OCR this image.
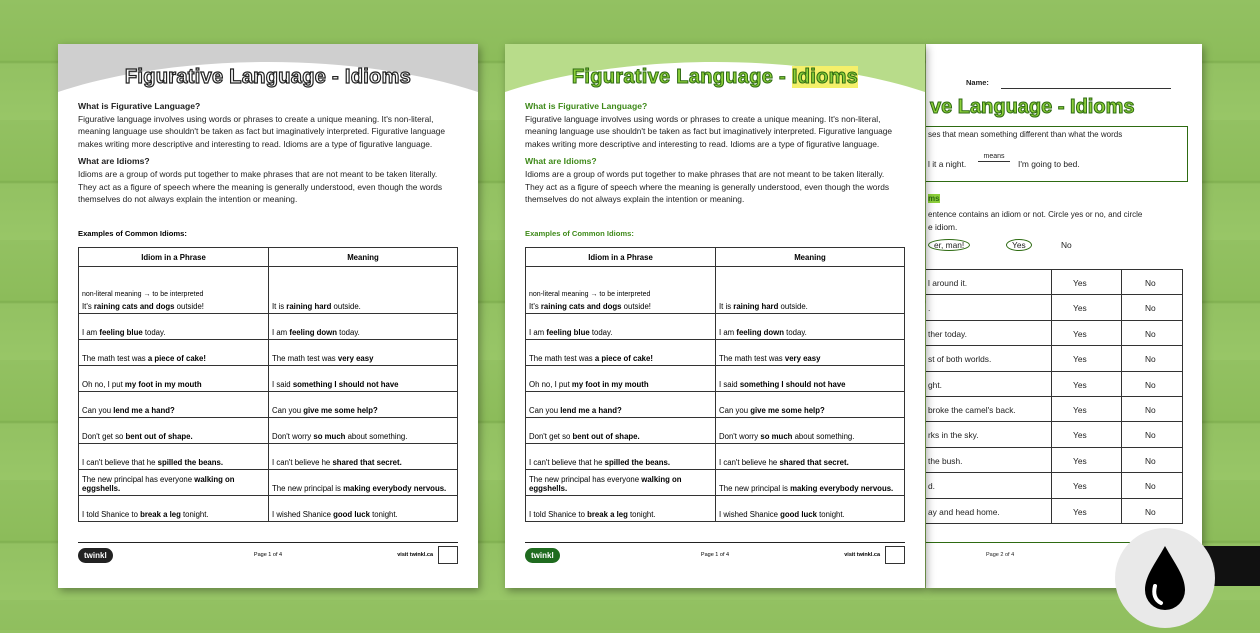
Figurative Language - Idioms
What is Figurative Language?
Figurative language involves using words or phrases to create a unique meaning. It's non-literal, meaning language use shouldn't be taken as fact but imaginatively interpreted. Figurative language makes writing more descriptive and interesting to read. Idioms are a type of figurative language.
What are Idioms?
Idioms are a group of words put together to make phrases that are not meant to be taken literally. They act as a figure of speech where the meaning is generally understood, even though the words themselves do not always explain the intention or meaning.
Examples of Common Idioms:
Idiom in a Phrase	Meaning

non-literal meaning → to be interpreted
It's raining cats and dogs outside!	It is raining hard outside.
I am feeling blue today.	I am feeling down today.
The math test was a piece of cake!	The math test was very easy
Oh no, I put my foot in my mouth	I said something I should not have
Can you lend me a hand?	Can you give me some help?
Don't get so bent out of shape.	Don't worry so much about something.
I can't believe that he spilled the beans.	I can't believe he shared that secret.
The new principal has everyone walking on eggshells.	The new principal is making everybody nervous.
I told Shanice to break a leg tonight.	I wished Shanice good luck tonight.
twinkl	Page 1 of 4	visit twinkl.ca
Figurative Language - Idioms
What is Figurative Language?
Figurative language involves using words or phrases to create a unique meaning. It's non-literal, meaning language use shouldn't be taken as fact but imaginatively interpreted. Figurative language makes writing more descriptive and interesting to read. Idioms are a type of figurative language.
What are Idioms?
Idioms are a group of words put together to make phrases that are not meant to be taken literally. They act as a figure of speech where the meaning is generally understood, even though the words themselves do not always explain the intention or meaning.
Examples of Common Idioms:
Idiom in a Phrase	Meaning

non-literal meaning → to be interpreted
It's raining cats and dogs outside!	It is raining hard outside.
I am feeling blue today.	I am feeling down today.
The math test was a piece of cake!	The math test was very easy
Oh no, I put my foot in my mouth	I said something I should not have
Can you lend me a hand?	Can you give me some help?
Don't get so bent out of shape.	Don't worry so much about something.
I can't believe that he spilled the beans.	I can't believe he shared that secret.
The new principal has everyone walking on eggshells.	The new principal is making everybody nervous.
I told Shanice to break a leg tonight.	I wished Shanice good luck tonight.
twinkl	Page 1 of 4	visit twinkl.ca
Name:
ve Language - Idioms
ses that mean something different than what the words
l it a night.
means
I'm going to bed.
ms
entence contains an idiom or not. Circle yes or no, and circle
e idiom.
er, man!	Yes	No
l around it.	Yes	No
.	Yes	No
ther today.	Yes	No
st of both worlds.	Yes	No
ght.	Yes	No
broke the camel's back.	Yes	No
rks in the sky.	Yes	No
the bush.	Yes	No
d.	Yes	No
ay and head home.	Yes	No
Page 2 of 4
